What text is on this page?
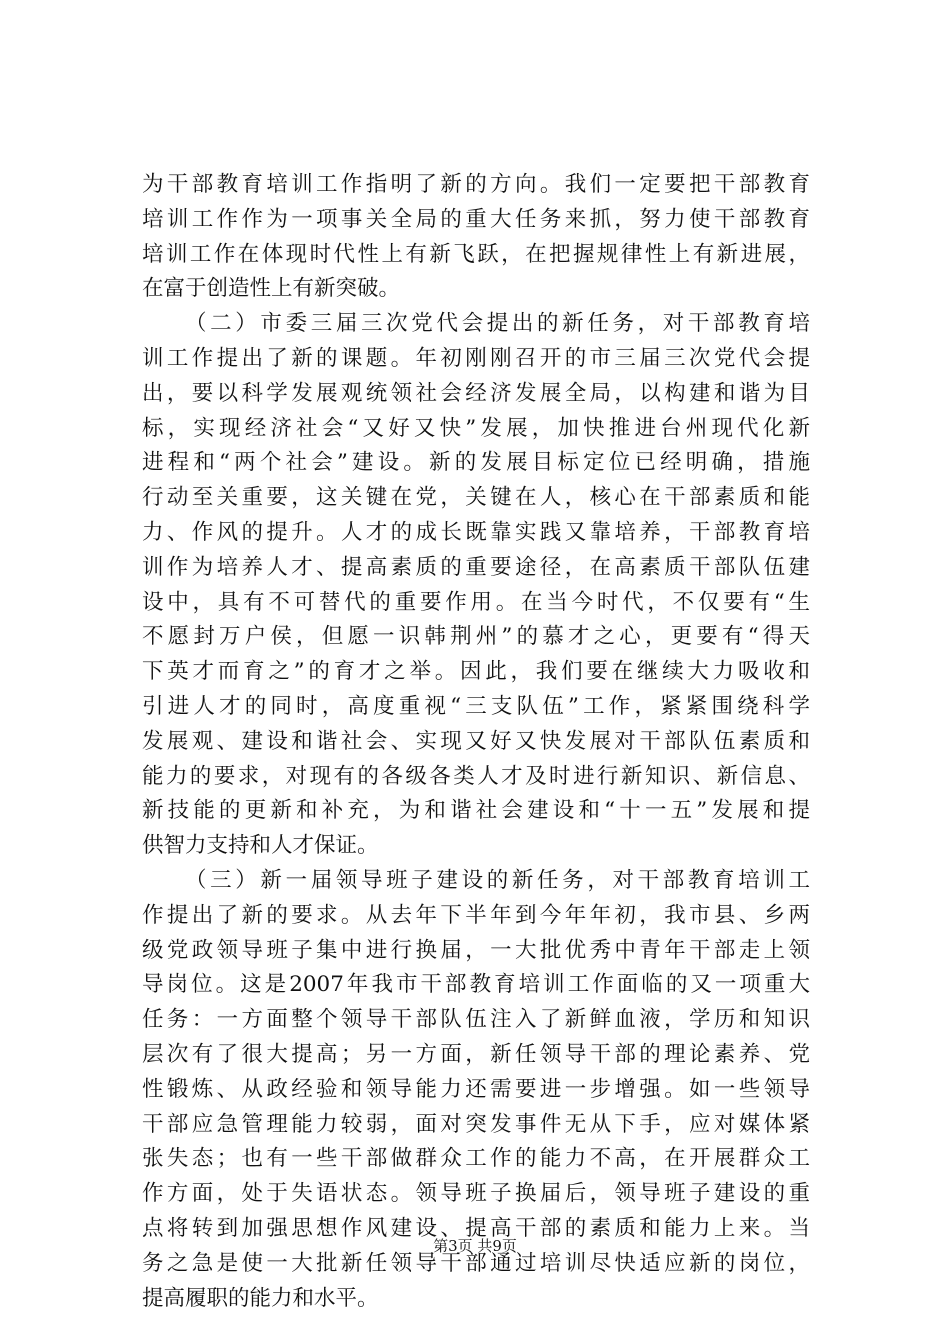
为干部教育培训工作指明了新的方向。我们一定要把干部教育
培训工作作为一项事关全局的重大任务来抓，努力使干部教育
培训工作在体现时代性上有新飞跃，在把握规律性上有新进展，
在富于创造性上有新突破。
（二）市委三届三次党代会提出的新任务，对干部教育培
训工作提出了新的课题。年初刚刚召开的市三届三次党代会提
出，要以科学发展观统领社会经济发展全局，以构建和谐为目
标，实现经济社会“又好又快”发展，加快推进台州现代化新
进程和“两个社会”建设。新的发展目标定位已经明确，措施
行动至关重要，这关键在党，关键在人，核心在干部素质和能
力、作风的提升。人才的成长既靠实践又靠培养，干部教育培
训作为培养人才、提高素质的重要途径，在高素质干部队伍建
设中，具有不可替代的重要作用。在当今时代，不仅要有“生
不愿封万户侯，但愿一识韩荆州”的慕才之心，更要有“得天
下英才而育之”的育才之举。因此，我们要在继续大力吸收和
引进人才的同时，高度重视“三支队伍”工作，紧紧围绕科学
发展观、建设和谐社会、实现又好又快发展对干部队伍素质和
能力的要求，对现有的各级各类人才及时进行新知识、新信息、
新技能的更新和补充，为和谐社会建设和“十一五”发展和提
供智力支持和人才保证。
（三）新一届领导班子建设的新任务，对干部教育培训工
作提出了新的要求。从去年下半年到今年年初，我市县、乡两
级党政领导班子集中进行换届，一大批优秀中青年干部走上领
导岗位。这是2007年我市干部教育培训工作面临的又一项重大
任务：一方面整个领导干部队伍注入了新鲜血液，学历和知识
层次有了很大提高；另一方面，新任领导干部的理论素养、党
性锻炼、从政经验和领导能力还需要进一步增强。如一些领导
干部应急管理能力较弱，面对突发事件无从下手，应对媒体紧
张失态；也有一些干部做群众工作的能力不高，在开展群众工
作方面，处于失语状态。领导班子换届后，领导班子建设的重
点将转到加强思想作风建设、提高干部的素质和能力上来。当
务之急是使一大批新任领导干部通过培训尽快适应新的岗位，
提高履职的能力和水平。
第3页 共9页
